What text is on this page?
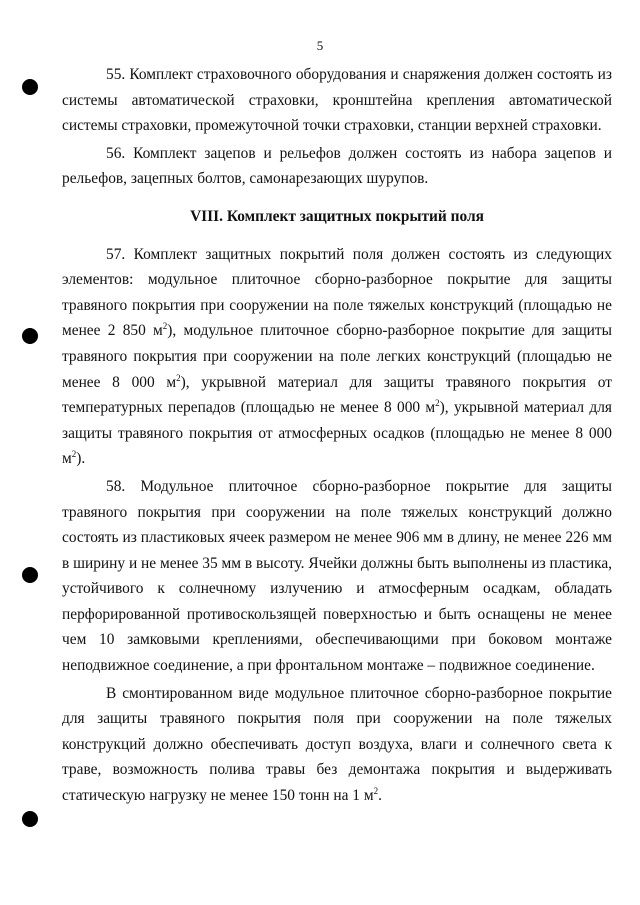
5

55. Комплект страховочного оборудования и снаряжения должен состоять из системы автоматической страховки, кронштейна крепления автоматической системы страховки, промежуточной точки страховки, станции верхней страховки.

56. Комплект зацепов и рельефов должен состоять из набора зацепов и рельефов, зацепных болтов, самонарезающих шурупов.

VIII. Комплект защитных покрытий поля

57. Комплект защитных покрытий поля должен состоять из следующих элементов: модульное плиточное сборно-разборное покрытие для защиты травяного покрытия при сооружении на поле тяжелых конструкций (площадью не менее 2 850 $м^2$), модульное плиточное сборно-разборное покрытие для защиты травяного покрытия при сооружении на поле легких конструкций (площадью не менее 8 000 $м^2$), укрывной материал для защиты травяного покрытия от температурных перепадов (площадью не менее 8 000 $м^2$), укрывной материал для защиты травяного покрытия от атмосферных осадков (площадью не менее 8 000 $м^2$).

58. Модульное плиточное сборно-разборное покрытие для защиты травяного покрытия при сооружении на поле тяжелых конструкций должно состоять из пластиковых ячеек размером не менее 906 мм в длину, не менее 226 мм в ширину и не менее 35 мм в высоту. Ячейки должны быть выполнены из пластика, устойчивого к солнечному излучению и атмосферным осадкам, обладать перфорированной противоскользящей поверхностью и быть оснащены не менее чем 10 замковыми креплениями, обеспечивающими при боковом монтаже неподвижное соединение, а при фронтальном монтаже – подвижное соединение.

В смонтированном виде модульное плиточное сборно-разборное покрытие для защиты травяного покрытия поля при сооружении на поле тяжелых конструкций должно обеспечивать доступ воздуха, влаги и солнечного света к траве, возможность полива травы без демонтажа покрытия и выдерживать статическую нагрузку не менее 150 тонн на 1 $м^2$.
